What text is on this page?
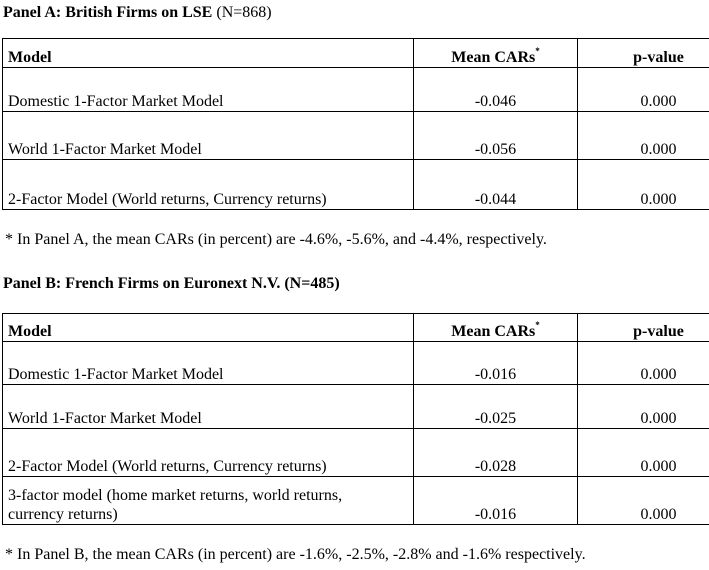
Panel A: British Firms on LSE (N=868)
Model	Mean CARs*	p-value
Domestic 1-Factor Market Model	-0.046	0.000
World 1-Factor Market Model	-0.056	0.000
2-Factor Model (World returns, Currency returns)	-0.044	0.000
* In Panel A, the mean CARs (in percent) are -4.6%, -5.6%, and -4.4%, respectively.
Panel B: French Firms on Euronext N.V. (N=485)
Model	Mean CARs*	p-value
Domestic 1-Factor Market Model	-0.016	0.000
World 1-Factor Market Model	-0.025	0.000
2-Factor Model (World returns, Currency returns)	-0.028	0.000
3-factor model (home market returns, world returns,
currency returns)	-0.016	0.000
* In Panel B, the mean CARs (in percent) are -1.6%, -2.5%, -2.8% and -1.6% respectively.
